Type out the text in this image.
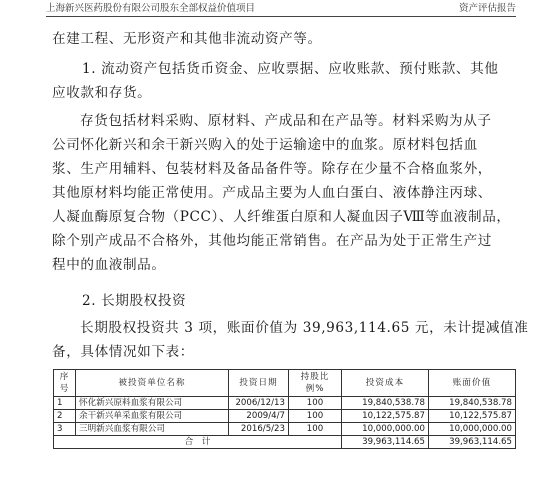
上海新兴医药股份有限公司股东全部权益价值项目	资产评估报告
在建工程、无形资产和其他非流动资产等。
1. 流动资产包括货币资金、应收票据、应收账款、预付账款、其他
应收款和存货。
存货包括材料采购、原材料、产成品和在产品等。材料采购为从子
公司怀化新兴和余干新兴购入的处于运输途中的血浆。原材料包括血
浆、生产用辅料、包装材料及备品备件等。除存在少量不合格血浆外，
其他原材料均能正常使用。产成品主要为人血白蛋白、液体静注丙球、
人凝血酶原复合物（PCC）、人纤维蛋白原和人凝血因子Ⅷ等血液制品，
除个别产成品不合格外，其他均能正常销售。在产品为处于正常生产过
程中的血液制品。
2. 长期股权投资
长期股权投资共 3 项，账面价值为 39,963,114.65 元，未计提减值准
备，具体情况如下表：
序号	被投资单位名称	投资日期	持股比例%	投资成本	账面价值
1	怀化新兴原料血浆有限公司	2006/12/13	100	19,840,538.78	19,840,538.78
2	余干新兴单采血浆有限公司	2009/4/7	100	10,122,575.87	10,122,575.87
3	三明新兴血浆有限公司	2016/5/23	100	10,000,000.00	10,000,000.00
合　计				39,963,114.65	39,963,114.65
